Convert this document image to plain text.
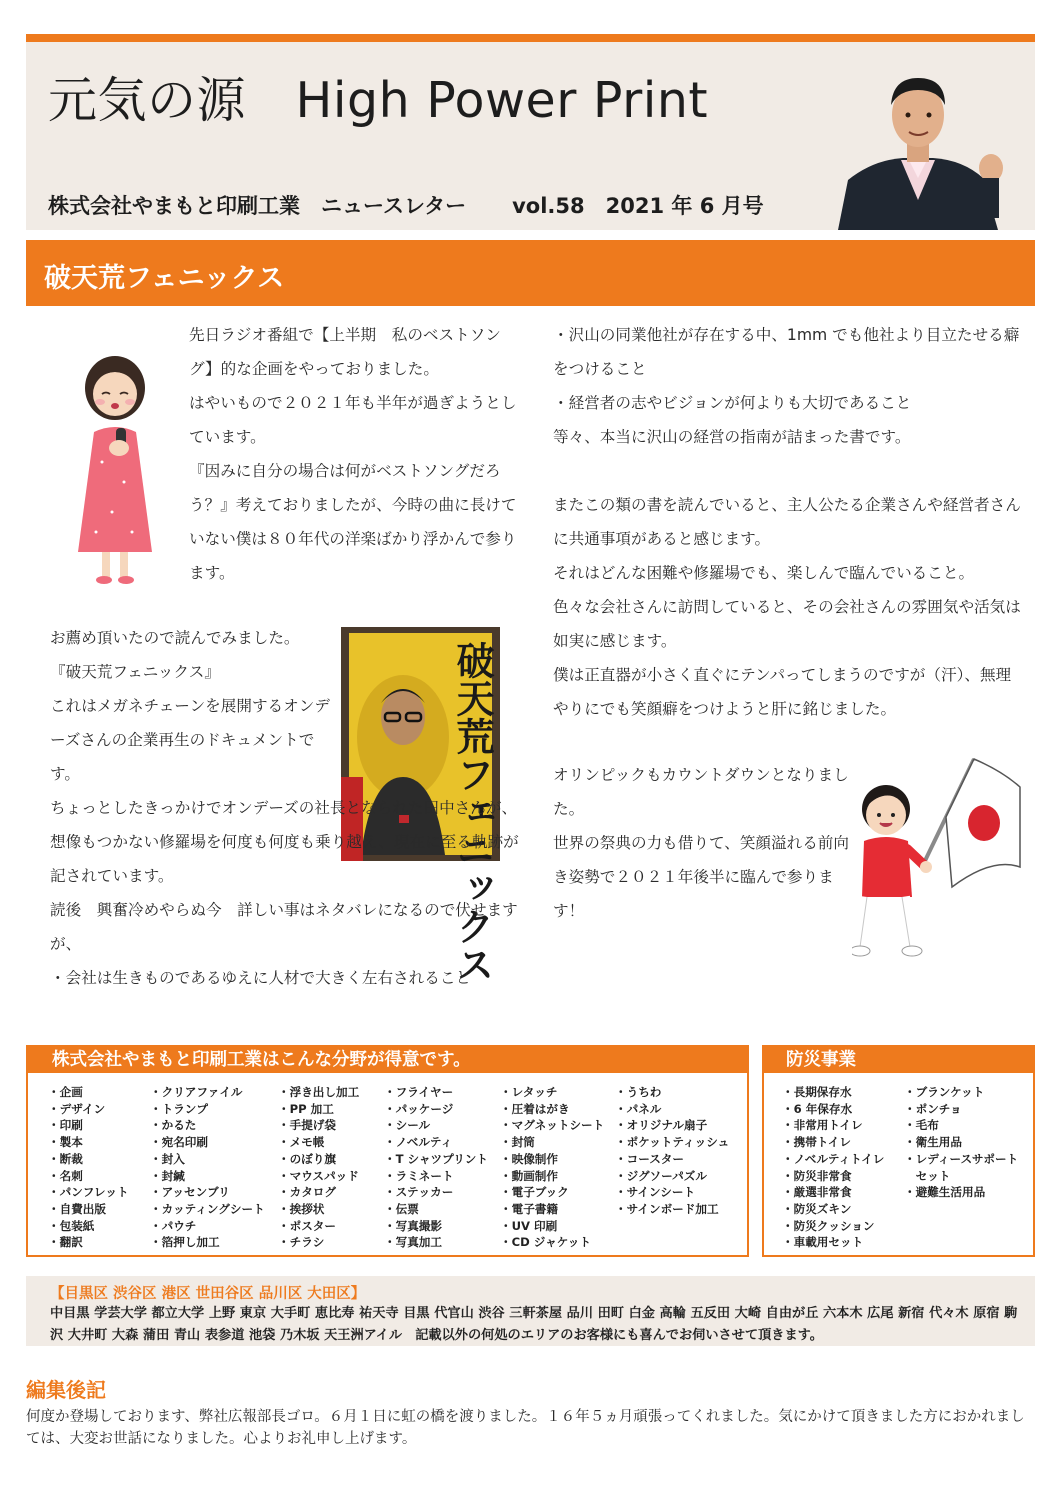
元気の源　High Power Print
株式会社やまもと印刷工業　ニュースレター vol.58　2021 年 6 月号
破天荒フェニックス

先日ラジオ番組で【上半期　私のベストソング】的な企画をやっておりました。

はやいもので２０２１年も半年が過ぎようとしています。

『因みに自分の場合は何がベストソングだろう？』考えておりましたが、今時の曲に長けていない僕は８０年代の洋楽ばかり浮かんで参ります。

破天荒フェニックス

お薦め頂いたので読んでみました。

『破天荒フェニックス』

これはメガネチェーンを展開するオンデーズさんの企業再生のドキュメントです。

ちょっとしたきっかけでオンデーズの社長となられた田中さんが、想像もつかない修羅場を何度も何度も乗り越え、現在に至る軌跡が記されています。

読後　興奮冷めやらぬ今　詳しい事はネタバレになるので伏せますが、

・会社は生きものであるゆえに人材で大きく左右されること

・沢山の同業他社が存在する中、1mm でも他社より目立たせる癖をつけること

・経営者の志やビジョンが何よりも大切であること

等々、本当に沢山の経営の指南が詰まった書です。

またこの類の書を読んでいると、主人公たる企業さんや経営者さんに共通事項があると感じます。

それはどんな困難や修羅場でも、楽しんで臨んでいること。

色々な会社さんに訪問していると、その会社さんの雰囲気や活気は如実に感じます。

僕は正直器が小さく直ぐにテンパってしまうのですが（汗）、無理やりにでも笑顔癖をつけようと肝に銘じました。

オリンピックもカウントダウンとなりました。

世界の祭典の力も借りて、笑顔溢れる前向き姿勢で２０２１年後半に臨んで参ります！

株式会社やまもと印刷工業はこんな分野が得意です。
・企画
・デザイン
・印刷
・製本
・断裁
・名刺
・パンフレット
・自費出版
・包装紙
・翻訳
・クリアファイル
・トランプ
・かるた
・宛名印刷
・封入
・封緘
・アッセンブリ
・カッティングシート
・パウチ
・箔押し加工
・浮き出し加工
・PP 加工
・手提げ袋
・メモ帳
・のぼり旗
・マウスパッド
・カタログ
・挨拶状
・ポスター
・チラシ
・フライヤー
・パッケージ
・シール
・ノベルティ
・T シャツプリント
・ラミネート
・ステッカー
・伝票
・写真撮影
・写真加工
・レタッチ
・圧着はがき
・マグネットシート
・封筒
・映像制作
・動画制作
・電子ブック
・電子書籍
・UV 印刷
・CD ジャケット
・うちわ
・パネル
・オリジナル扇子
・ポケットティッシュ
・コースター
・ジグソーパズル
・サインシート
・サインボード加工
防災事業
・長期保存水
・6 年保存水
・非常用トイレ
・携帯トイレ
・ノベルティトイレ
・防災非常食
・厳選非常食
・防災ズキン
・防災クッション
・車載用セット
・ブランケット
・ポンチョ
・毛布
・衛生用品
・レディースサポート
　セット
・避難生活用品
【目黒区 渋谷区 港区 世田谷区 品川区 大田区】
中目黒 学芸大学 都立大学 上野 東京 大手町 恵比寿 祐天寺 目黒 代官山 渋谷 三軒茶屋 品川 田町 白金 高輪 五反田 大崎 自由が丘 六本木 広尾 新宿 代々木 原宿 駒沢 大井町 大森 蒲田 青山 表参道 池袋 乃木坂 天王洲アイル　記載以外の何処のエリアのお客様にも喜んでお伺いさせて頂きます。
編集後記
何度か登場しております、弊社広報部長ゴロ。６月１日に虹の橋を渡りました。１６年５ヵ月頑張ってくれました。気にかけて頂きました方におかれましては、大変お世話になりました。心よりお礼申し上げます。
